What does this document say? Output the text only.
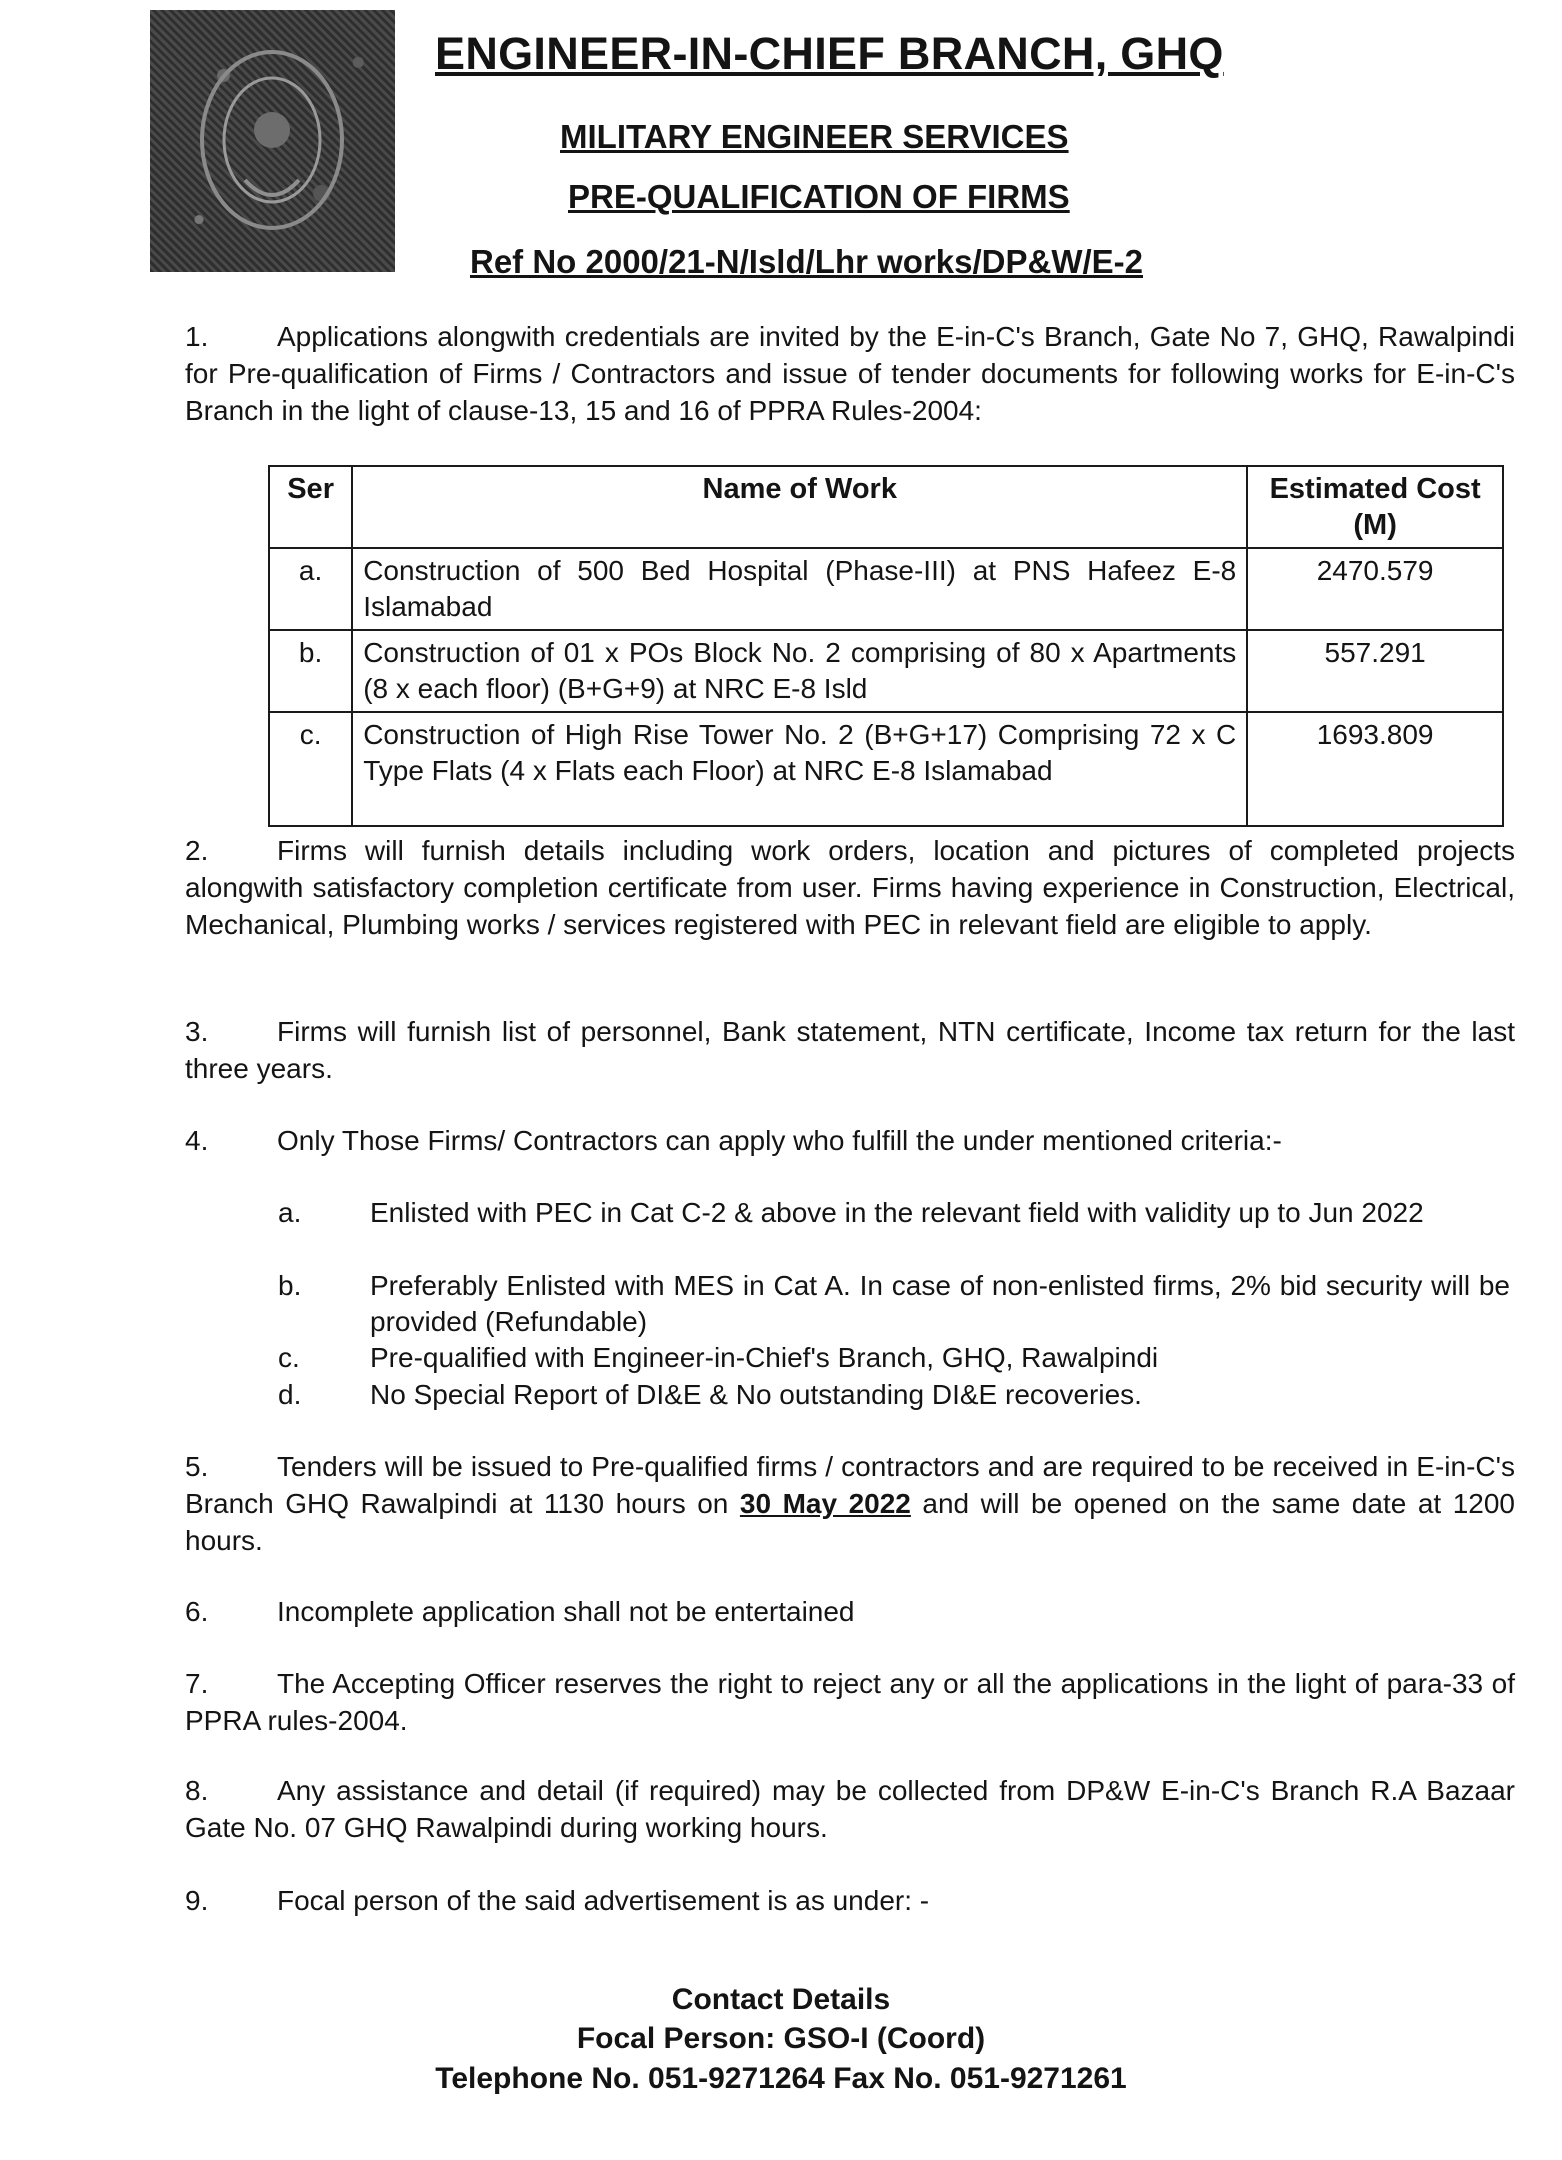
ENGINEER-IN-CHIEF BRANCH, GHQ
MILITARY ENGINEER SERVICES
PRE-QUALIFICATION OF FIRMS
Ref No 2000/21-N/Isld/Lhr works/DP&W/E-2
1. Applications alongwith credentials are invited by the E-in-C's Branch, Gate No 7, GHQ, Rawalpindi for Pre-qualification of Firms / Contractors and issue of tender documents for following works for E-in-C's Branch in the light of clause-13, 15 and 16 of PPRA Rules-2004:
Ser	Name of Work	Estimated Cost (M)
a.	Construction of 500 Bed Hospital (Phase-III) at PNS Hafeez E-8 Islamabad	2470.579
b.	Construction of 01 x POs Block No. 2 comprising of 80 x Apartments (8 x each floor) (B+G+9) at NRC E-8 Isld	557.291
c.	Construction of High Rise Tower No. 2 (B+G+17) Comprising 72 x C Type Flats (4 x Flats each Floor) at NRC E-8 Islamabad	1693.809
2. Firms will furnish details including work orders, location and pictures of completed projects alongwith satisfactory completion certificate from user. Firms having experience in Construction, Electrical, Mechanical, Plumbing works / services registered with PEC in relevant field are eligible to apply.
3. Firms will furnish list of personnel, Bank statement, NTN certificate, Income tax return for the last three years.
4. Only Those Firms/ Contractors can apply who fulfill the under mentioned criteria:-
a. Enlisted with PEC in Cat C-2 & above in the relevant field with validity up to Jun 2022
b. Preferably Enlisted with MES in Cat A. In case of non-enlisted firms, 2% bid security will be provided (Refundable)
c.	Pre-qualified with Engineer-in-Chief's Branch, GHQ, Rawalpindi
d. No Special Report of DI&E & No outstanding DI&E recoveries.
5. Tenders will be issued to Pre-qualified firms / contractors and are required to be received in E-in-C's Branch GHQ Rawalpindi at 1130 hours on 30 May 2022 and will be opened on the same date at 1200 hours.
6. Incomplete application shall not be entertained
7. The Accepting Officer reserves the right to reject any or all the applications in the light of para-33 of PPRA rules-2004.
8. Any assistance and detail (if required) may be collected from DP&W E-in-C's Branch R.A Bazaar Gate No. 07 GHQ Rawalpindi during working hours.
9. Focal person of the said advertisement is as under: -
Contact Details
Focal Person: GSO-I (Coord)
Telephone No. 051-9271264 Fax No. 051-9271261
